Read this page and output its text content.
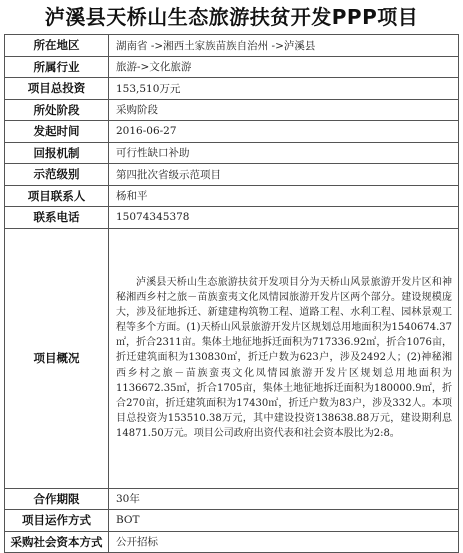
泸溪县天桥山生态旅游扶贫开发PPP项目
所在地区	湖南省 ->湘西土家族苗族自治州 ->泸溪县
所属行业	旅游->文化旅游
项目总投资	153,510万元
所处阶段	采购阶段
发起时间	2016-06-27
回报机制	可行性缺口补助
示范级别	第四批次省级示范项目
项目联系人	杨和平
联系电话	15074345378
项目概况	泸溪县天桥山生态旅游扶贫开发项目分为天桥山风景旅游开发片区和神秘湘西乡村之旅－苗族蛮夷文化凤情园旅游开发片区两个部分。建设规模庞大，涉及征地拆迁、新建建构筑物工程、道路工程、水利工程、园林景观工程等多个方面。(1)天桥山风景旅游开发片区规划总用地面积为1540674.37㎡，折合2311亩。集体土地征地拆迁面积为717336.92㎡，折合1076亩，折迁建筑面积为130830㎡，折迁户数为623户，涉及2492人；(2)神秘湘西乡村之旅－苗族蛮夷文化凤情园旅游开发片区规划总用地面积为1136672.35㎡，折合1705亩，集体土地征地拆迁面积为180000.9㎡，折合270亩，折迁建筑面积为17430㎡，折迁户数为83户，涉及332人。本项目总投资为153510.38万元，其中建设投资138638.88万元，建设期利息14871.50万元。项目公司政府出资代表和社会资本股比为2:8。
合作期限	30年
项目运作方式	BOT
采购社会资本方式	公开招标
